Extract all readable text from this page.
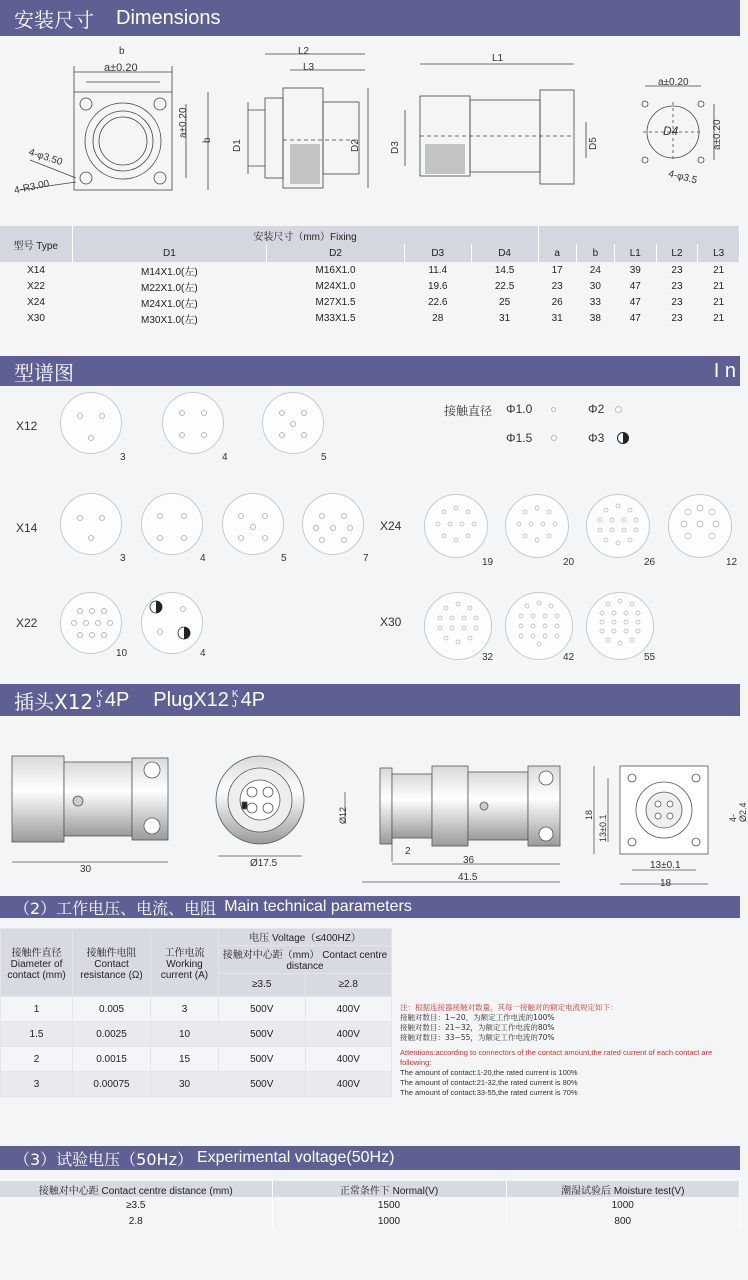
安装尺寸 Dimensions
b
a±0.20
4-φ3.50
4-R3.00
a±0.20
b
L2
L3
D1	D2
L1
D3	D5
a±0.20
D4	a±0.20
4-φ3.5
型号 Type	安装尺寸（mm）Fixing								
	D1	D2	D3	D4	a	b	L1	L2	L3
X14	M14X1.0(左)	M16X1.0	11.4	14.5	17	24	39	23	21
X22	M22X1.0(左)	M24X1.0	19.6	22.5	23	30	47	23	21
X24	M24X1.0(左)	M27X1.5	22.6	25	26	33	47	23	21
X30	M30X1.0(左)	M33X1.5	28	31	31	38	47	23	21
型谱图	I n
X12
X14
X22
X24
X30
接触直径 Φ1.0	Φ2
Φ1.5	Φ3
3	4	5
3	4	5	7
10	4
19	20	26	12
32	42	55
插头X12 K
J 4P PlugX12 K
J 4P
30
Ø17.5
Ø12
2
36
41.5
13±0.1
18
13±0.1
18
4-Ø2.4
（2）工作电压、电流、电阻 Main technical parameters
接触件直径 Diameter of contact (mm)	接触件电阻 Contact resistance (Ω)	工作电流 Working current (A)	电压 Voltage（≤400HZ）	
			接触对中心距（mm） Contact centre distance	
			≥3.5	≥2.8
1	0.005	3	500V	400V
1.5	0.0025	10	500V	400V
2	0.0015	15	500V	400V
3	0.00075	30	500V	400V
注：根据连接器接触对数量，其每一接触对的额定电流规定如下：
接触对数目：1~20，为额定工作电流的100%
接触对数目：21~32，为额定工作电流的80%
接触对数目：33~55，为额定工作电流的70%
Attentions:according to connectors of the contact amount,the rated current of each contact are following:
The amount of contact:1-20,the rated current is 100%
The amount of contact:21-32,the rated current is 80%
The amount of contact:33-55,the rated current is 70%
（3）试验电压（50Hz） Experimental voltage(50Hz)
接触对中心距 Contact centre distance (mm)	正常条件下 Normal(V)	潮湿试验后 Moisture test(V)
≥3.5	1500	1000
2.8	1000	800
